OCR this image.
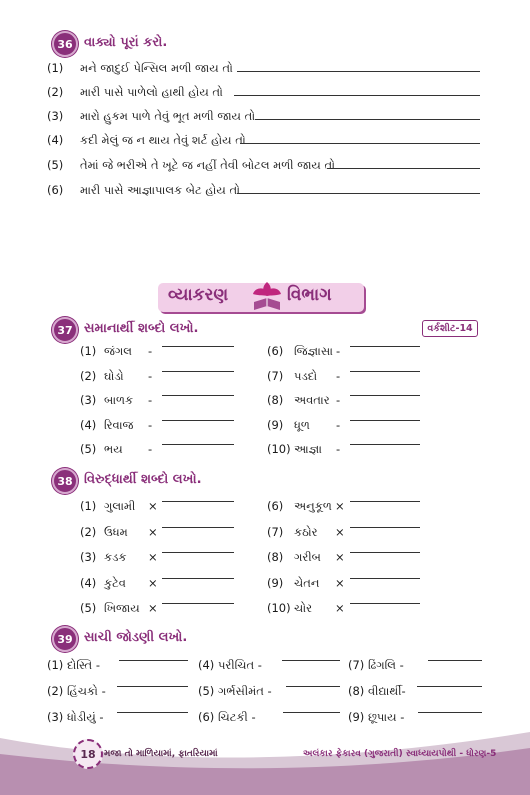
36 વાક્યો પૂરાં કરો.
(1) મને જાદુઈ પેન્સિલ મળી જાય તો
(2) મારી પાસે પાળેલો હાથી હોય તો
(3) મારો હુકમ પાળે તેવું ભૂત મળી જાય તો
(4) કદી મેલું જ ન થાય તેવું શર્ટ હોય તો
(5) તેમાં જે ભરીએ તે ખૂટે જ નહીં તેવી બોટલ મળી જાય તો
(6) મારી પાસે આજ્ઞાપાલક બેટ હોય તો
વ્યાકરણ	વિભાગ
37 સમાનાર્થી શબ્દો લખો.	વર્કશીટ-14
(1) જંગલ -
(2) ઘોડો -
(3) બાળક -
(4) રિવાજ -
(5) ભય -
(6) જિજ્ઞાસા -
(7) પડદો -
(8) અવતાર -
(9) ધૂળ -
(10) આજ્ઞા -
38 વિરુદ્ધાર્થી શબ્દો લખો.
(1) ગુલામી ×
(2) ઉધમ ×
(3) કડક ×
(4) કુટેવ ×
(5) ખિજાય ×
(6) અનુકૂળ ×
(7) કઠોર ×
(8) ગરીબ ×
(9) ચેતન ×
(10) ચોર ×
39 સાચી જોડણી લખો.
(1) દોસ્તિ -	(4) પરીચિત -	(7) ઢિંગલિ -
(2) હિંચકો -	(5) ગર્ભસીમંત -	(8) વીદ્યાર્થી-
(3) ધોડીયું -	(6) ચિટકી -	(9) છૂપાય -
18 મજા તો માળિયામાં, ફાતરિયામાં	અલંકાર ફેકારવ (ગુજરાતી) સ્વાધ્યાયપોથી - ધોરણ-5
